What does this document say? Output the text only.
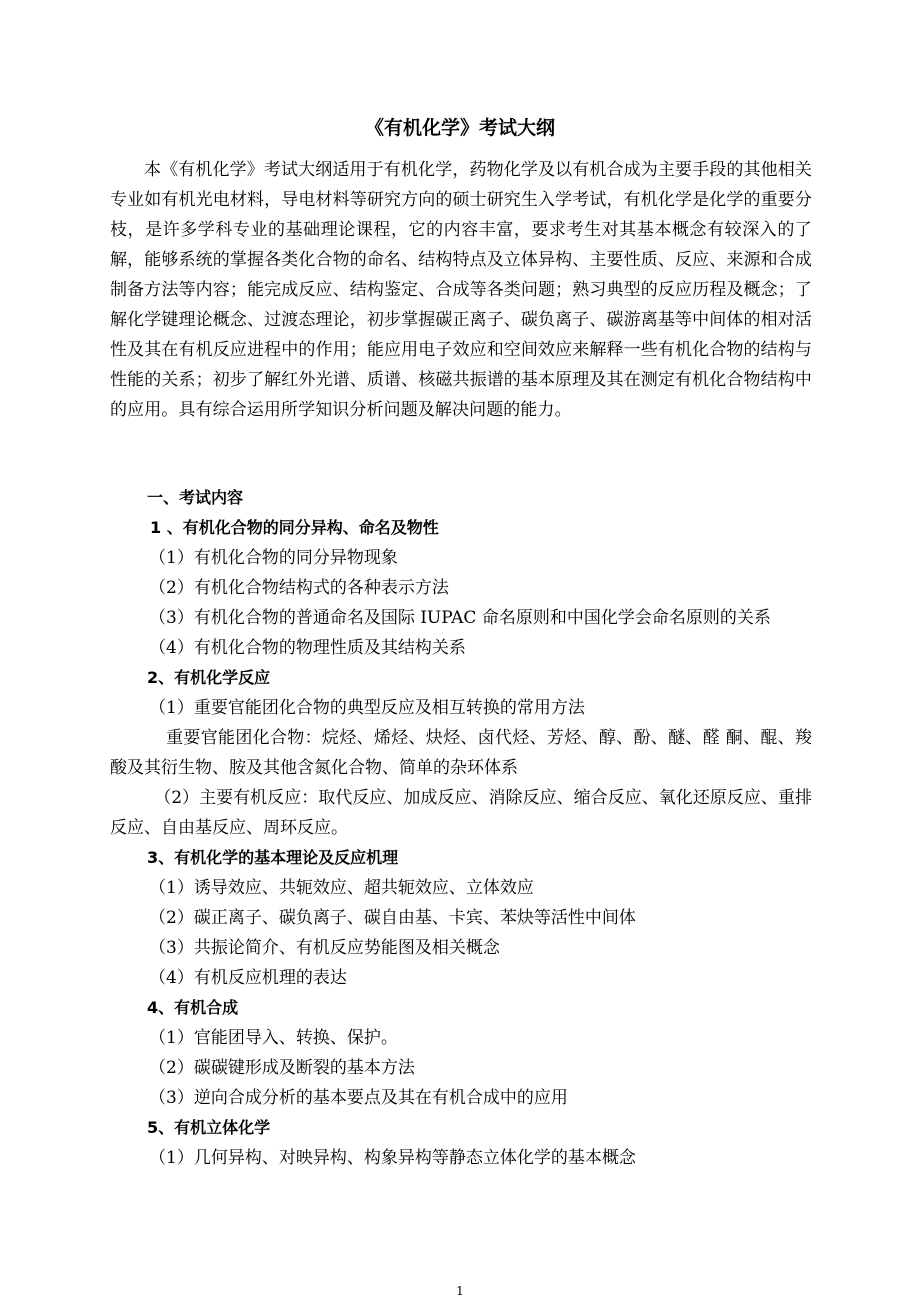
《有机化学》考试大纲

本《有机化学》考试大纲适用于有机化学，药物化学及以有机合成为主要手段的其他相关专业如有机光电材料，导电材料等研究方向的硕士研究生入学考试，有机化学是化学的重要分枝，是许多学科专业的基础理论课程，它的内容丰富，要求考生对其基本概念有较深入的了解，能够系统的掌握各类化合物的命名、结构特点及立体异构、主要性质、反应、来源和合成制备方法等内容；能完成反应、结构鉴定、合成等各类问题；熟习典型的反应历程及概念；了解化学键理论概念、过渡态理论，初步掌握碳正离子、碳负离子、碳游离基等中间体的相对活性及其在有机反应进程中的作用；能应用电子效应和空间效应来解释一些有机化合物的结构与性能的关系；初步了解红外光谱、质谱、核磁共振谱的基本原理及其在测定有机化合物结构中的应用。具有综合运用所学知识分析问题及解决问题的能力。

一、考试内容
1 、有机化合物的同分异构、命名及物性
（1）有机化合物的同分异物现象
（2）有机化合物结构式的各种表示方法
（3）有机化合物的普通命名及国际 IUPAC 命名原则和中国化学会命名原则的关系
（4）有机化合物的物理性质及其结构关系
2、有机化学反应
（1）重要官能团化合物的典型反应及相互转换的常用方法

重要官能团化合物：烷烃、烯烃、炔烃、卤代烃、芳烃、醇、酚、醚、醛 酮、醌、羧酸及其衍生物、胺及其他含氮化合物、简单的杂环体系

（2）主要有机反应：取代反应、加成反应、消除反应、缩合反应、氧化还原反应、重排反应、自由基反应、周环反应。

3、有机化学的基本理论及反应机理
（1）诱导效应、共轭效应、超共轭效应、立体效应
（2）碳正离子、碳负离子、碳自由基、卡宾、苯炔等活性中间体
（3）共振论简介、有机反应势能图及相关概念
（4）有机反应机理的表达
4、有机合成
（1）官能团导入、转换、保护。
（2）碳碳键形成及断裂的基本方法
（3）逆向合成分析的基本要点及其在有机合成中的应用
5、有机立体化学
（1）几何异构、对映异构、构象异构等静态立体化学的基本概念
1
